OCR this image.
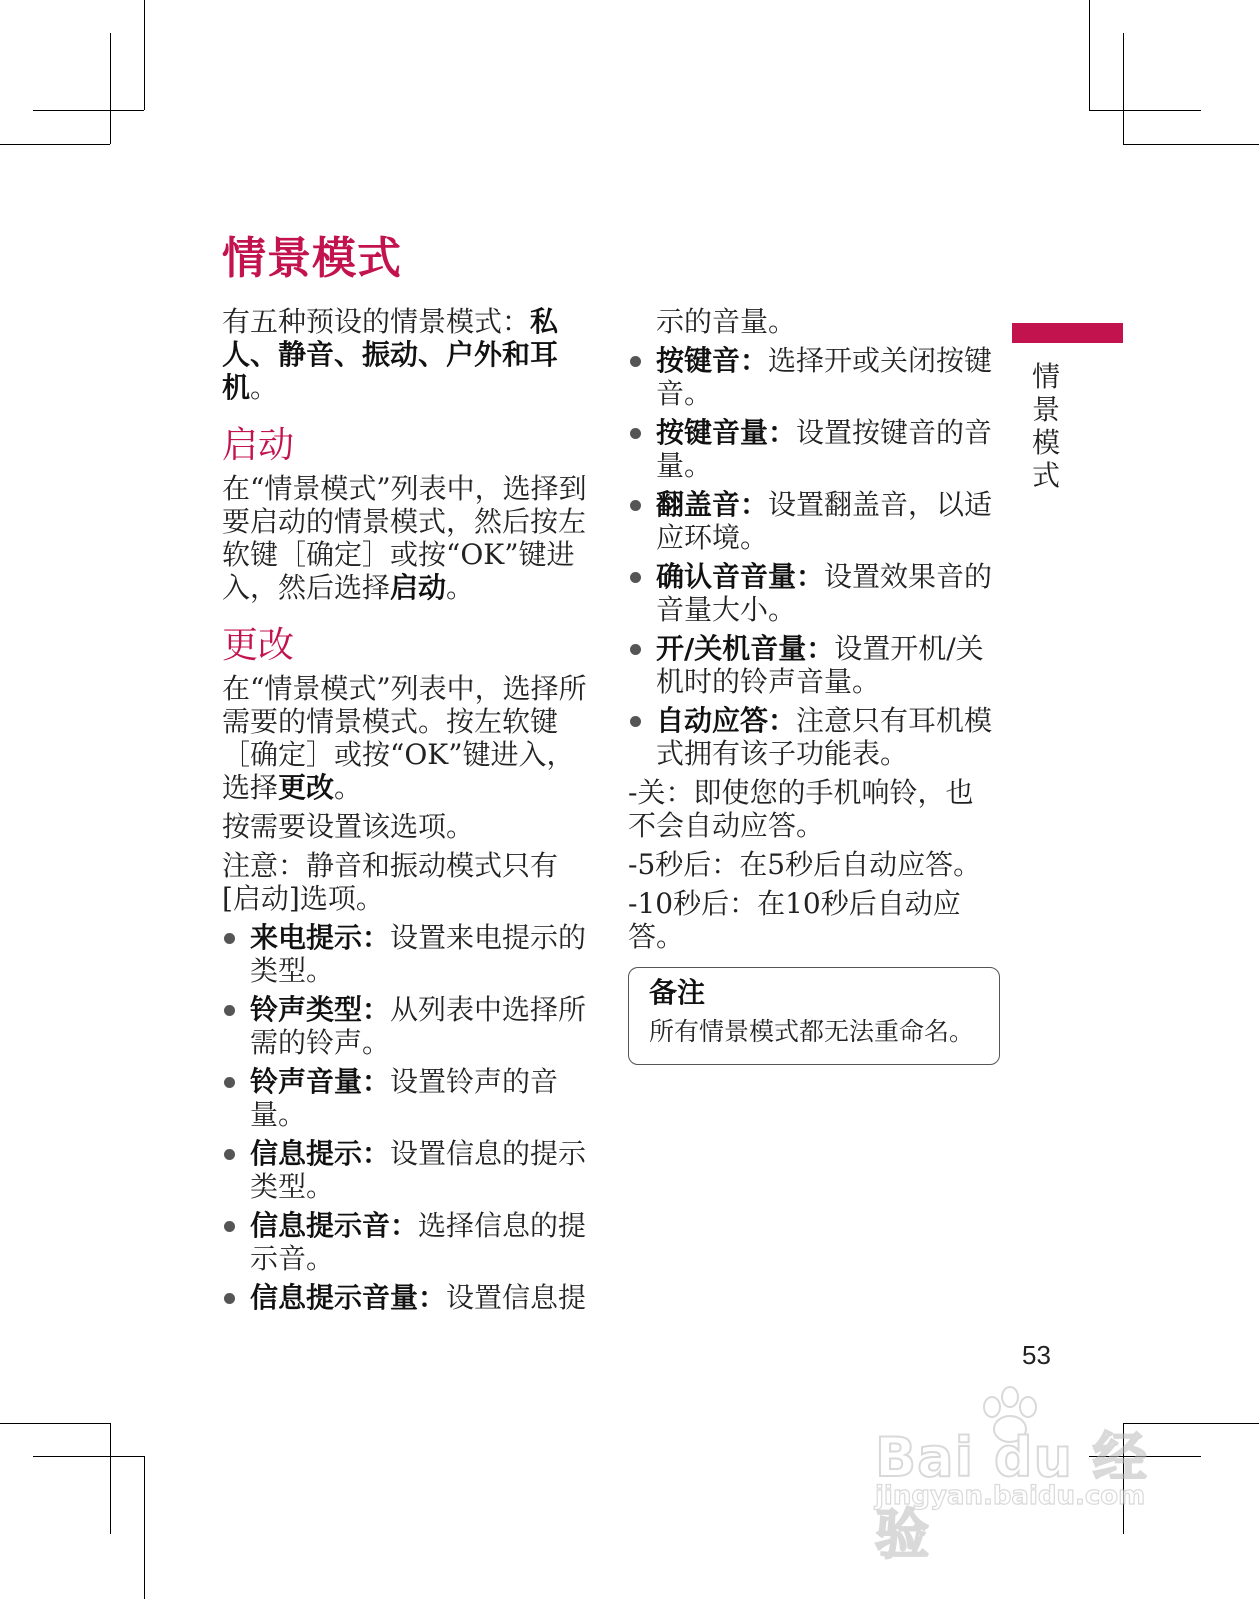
情景模式

有五种预设的情景模式：私人、静音、振动、户外和耳机。

启动

在“情景模式”列表中，选择到要启动的情景模式，然后按左软键［确定］或按“OK”键进入，然后选择启动。

更改

在“情景模式”列表中，选择所需要的情景模式。按左软键［确定］或按“OK”键进入，选择更改。

按需要设置该选项。

注意：静音和振动模式只有[启动]选项。

来电提示：设置来电提示的类型。
铃声类型：从列表中选择所需的铃声。
铃声音量：设置铃声的音量。
信息提示：设置信息的提示类型。
信息提示音：选择信息的提示音。
信息提示音量：设置信息提

示的音量。

按键音：选择开或关闭按键音。
按键音量：设置按键音的音量。
翻盖音：设置翻盖音，以适应环境。
确认音音量：设置效果音的音量大小。
开/关机音量：设置开机/关机时的铃声音量。
自动应答：注意只有耳机模式拥有该子功能表。

-关：即使您的手机响铃，也不会自动应答。

-5秒后：在5秒后自动应答。

-10秒后：在10秒后自动应答。

备注

所有情景模式都无法重命名。

情景模式
53
Bai du 经验
jingyan.baidu.com
